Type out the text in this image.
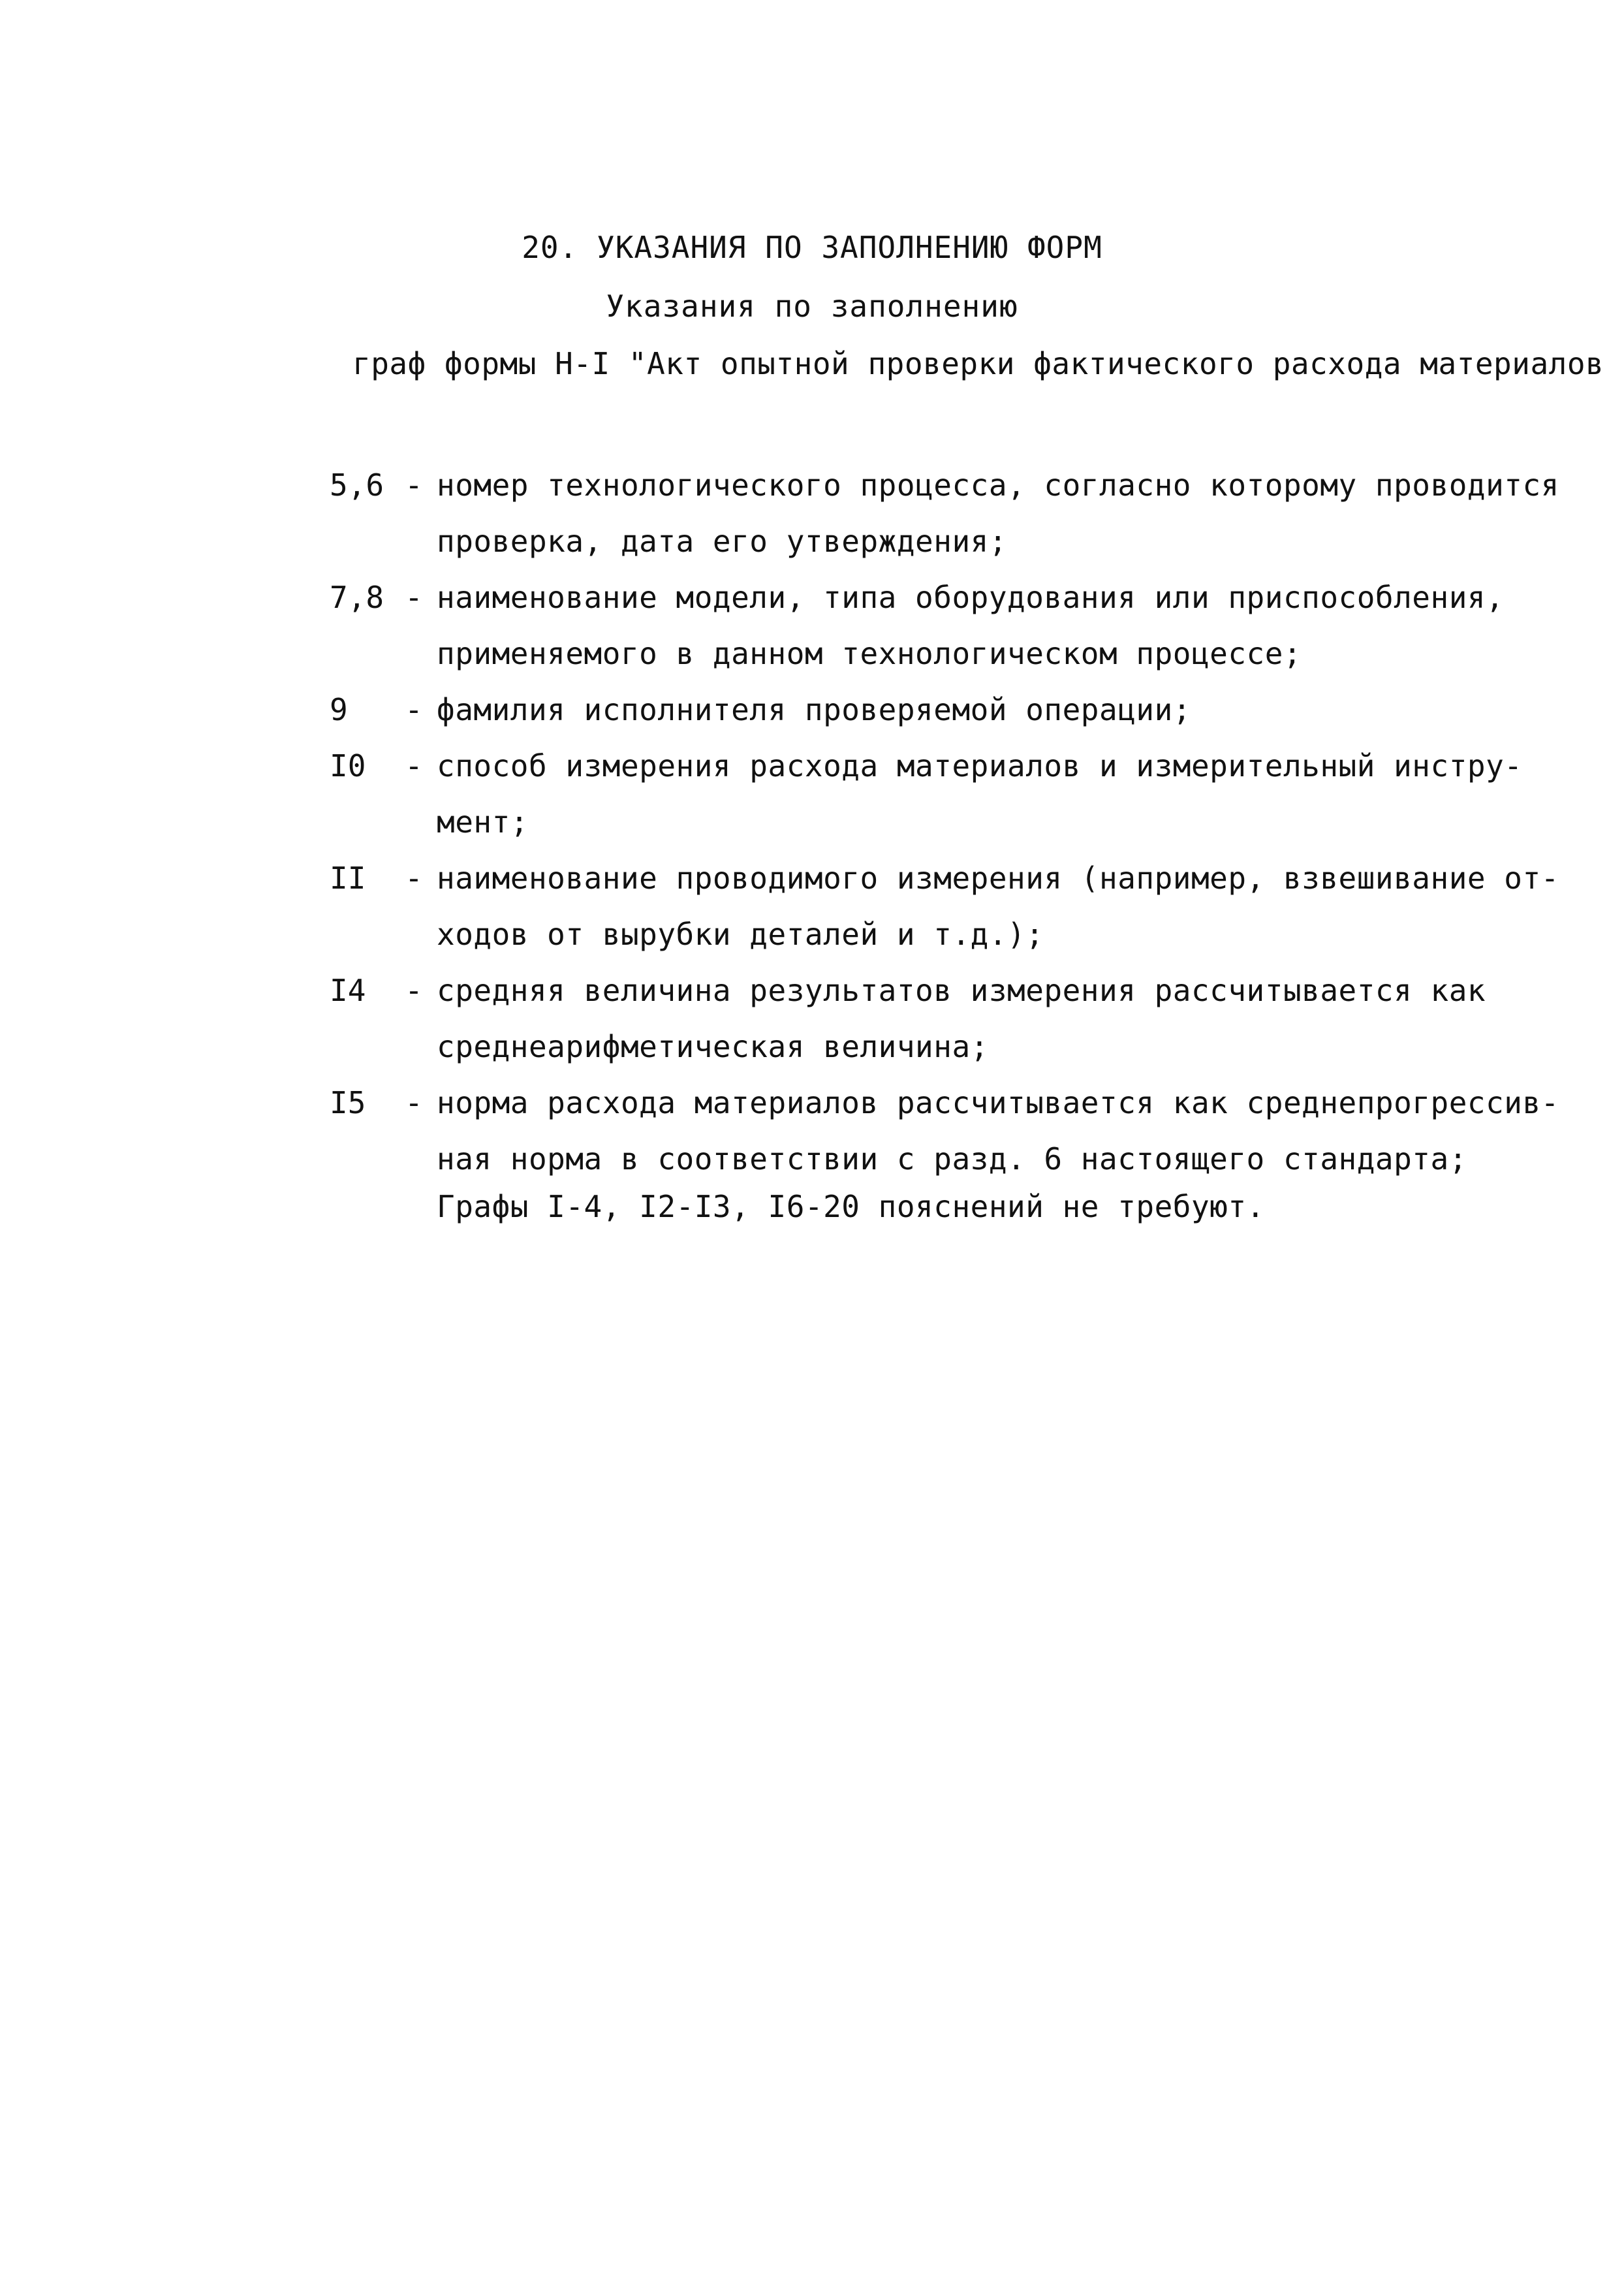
20. УКАЗАНИЯ ПО ЗАПОЛНЕНИЮ ФОРМ
Указания по заполнению
граф формы Н-I "Акт опытной проверки фактического расхода материалов
5,6 - номер технологического процесса, согласно которому проводится
проверка, дата его утверждения;
7,8 - наименование модели, типа оборудования или приспособления,
применяемого в данном технологическом процессе;
9	- фамилия исполнителя проверяемой операции;
I0	- способ измерения расхода материалов и измерительный инстру-
мент;
II	- наименование проводимого измерения (например, взвешивание от-
ходов от вырубки деталей и т.д.);
I4	- средняя величина результатов измерения рассчитывается как
среднеарифметическая величина;
I5	- норма расхода материалов рассчитывается как среднепрогрессив-
ная норма в соответствии с разд. 6 настоящего стандарта;
Графы I-4, I2-I3, I6-20 пояснений не требуют.
